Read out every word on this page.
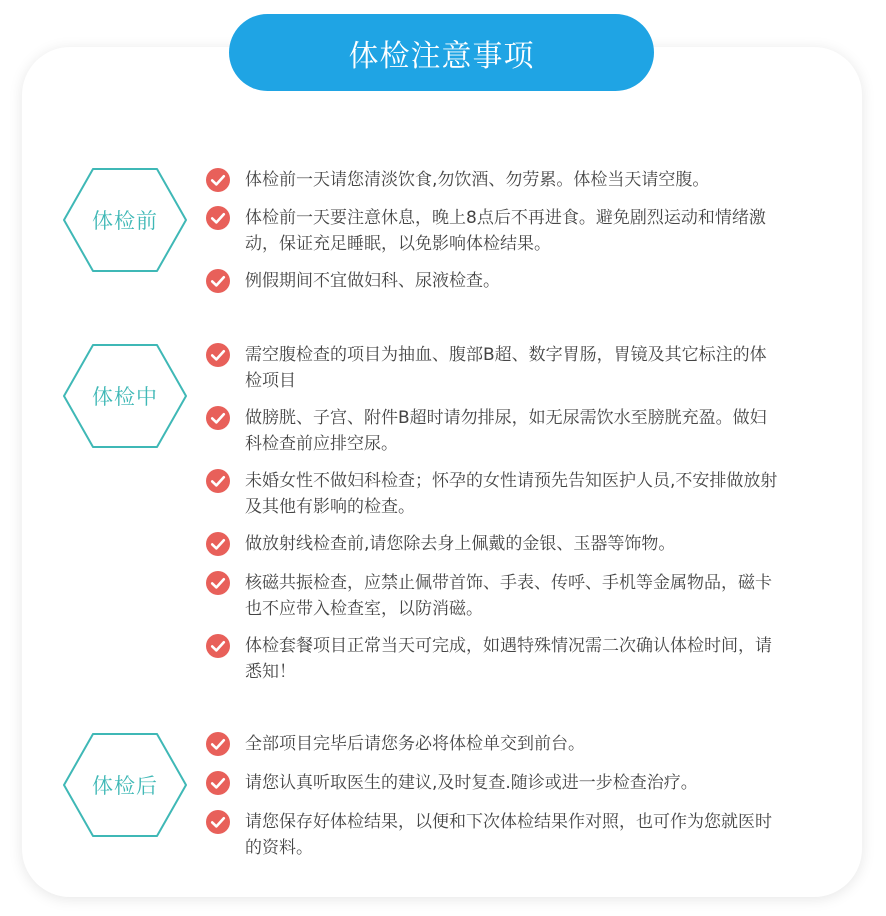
体检注意事项
体检前
体检前一天请您清淡饮食,勿饮酒、勿劳累。体检当天请空腹。
体检前一天要注意休息，晚上8点后不再进食。避免剧烈运动和情绪激动，保证充足睡眠，以免影响体检结果。
例假期间不宜做妇科、尿液检查。
体检中
需空腹检查的项目为抽血、腹部B超、数字胃肠，胃镜及其它标注的体检项目
做膀胱、子宫、附件B超时请勿排尿，如无尿需饮水至膀胱充盈。做妇科检查前应排空尿。
未婚女性不做妇科检查；怀孕的女性请预先告知医护人员,不安排做放射及其他有影响的检查。
做放射线检查前,请您除去身上佩戴的金银、玉器等饰物。
核磁共振检查，应禁止佩带首饰、手表、传呼、手机等金属物品，磁卡也不应带入检查室，以防消磁。
体检套餐项目正常当天可完成，如遇特殊情况需二次确认体检时间，请悉知！
体检后
全部项目完毕后请您务必将体检单交到前台。
请您认真听取医生的建议,及时复查.随诊或进一步检查治疗。
请您保存好体检结果，以便和下次体检结果作对照，也可作为您就医时的资料。
